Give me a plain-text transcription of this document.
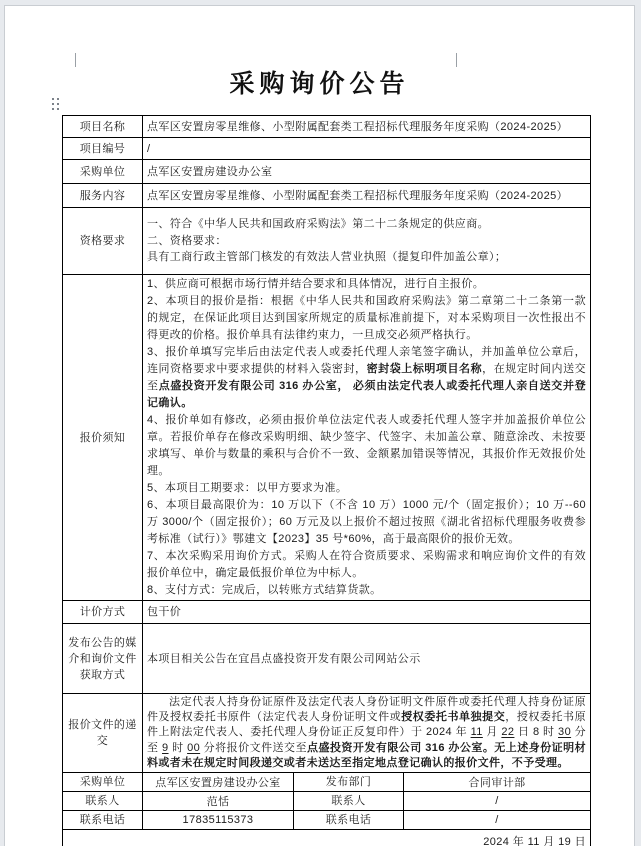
采购询价公告
项目名称	点军区安置房零星维修、小型附属配套类工程招标代理服务年度采购（2024-2025）		
项目编号	/		
采购单位	点军区安置房建设办公室		
服务内容	点军区安置房零星维修、小型附属配套类工程招标代理服务年度采购（2024-2025）		
资格要求	一、符合《中华人民共和国政府采购法》第二十二条规定的供应商。
二、资格要求：
具有工商行政主管部门核发的有效法人营业执照（提复印件加盖公章）；		

报价须知	
1、供应商可根据市场行情并结合要求和具体情况，进行自主报价。
2、本项目的报价是指：根据《中华人民共和国政府采购法》第二章第二十二条第一款的规定，在保证此项目达到国家所规定的质量标准前提下，对本采购项目一次性报出不得更改的价格。报价单具有法律约束力，一旦成交必须严格执行。
3、报价单填写完毕后由法定代表人或委托代理人亲笔签字确认，并加盖单位公章后，连同资格要求中要求提供的材料入袋密封，密封袋上标明项目名称，在规定时间内送交至点盛投资开发有限公司 316 办公室， 必须由法定代表人或委托代理人亲自送交并登记确认。
4、报价单如有修改，必须由报价单位法定代表人或委托代理人签字并加盖报价单位公章。若报价单存在修改采购明细、缺少签字、代签字、未加盖公章、随意涂改、未按要求填写、单价与数量的乘积与合价不一致、金额累加错误等情况，其报价作无效报价处理。
5、本项目工期要求：以甲方要求为准。
6、本项目最高限价为：10 万以下（不含 10 万）1000 元/个（固定报价）；10 万--60 万 3000/个（固定报价）；60 万元及以上报价不超过按照《湖北省招标代理服务收费参考标准（试行）》鄂建文【2023】35 号*60%，高于最高限价的报价无效。
7、本次采购采用询价方式。采购人在符合资质要求、采购需求和响应询价文件的有效报价单位中，确定最低报价单位为中标人。
8、支付方式：完成后，以转账方式结算货款。

计价方式	包干价		
发布公告的媒介和询价文件获取方式	本项目相关公告在宜昌点盛投资开发有限公司网站公示		
报价文件的递交	法定代表人持身份证原件及法定代表人身份证明文件原件或委托代理人持身份证原件及授权委托书原件（法定代表人身份证明文件或授权委托书单独提交，授权委托书原件上附法定代表人、委托代理人身份证正反复印件）于 2024 年 11 月 22 日 8 时 30 分至 9 时 00 分将报价文件送交至点盛投资开发有限公司 316 办公室。无上述身份证明材料或者未在规定时间段递交或者未送达至指定地点登记确认的报价文件，不予受理。		

采购单位	点军区安置房建设办公室	发布部门	合同审计部
联系人	范恬	联系人	/
联系电话	17835115373	联系电话	/
2024 年 11 月 19 日			
